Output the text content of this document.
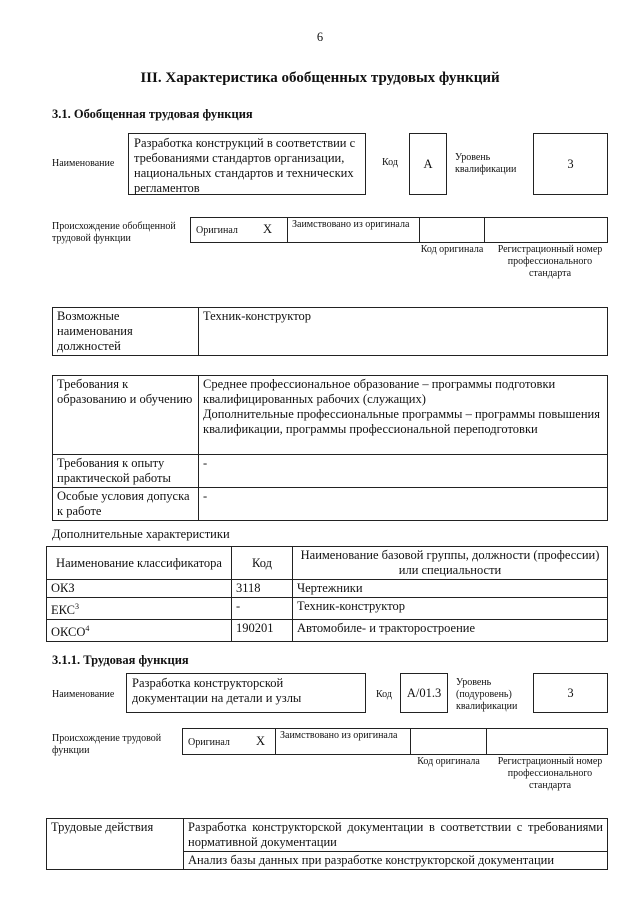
6
III. Характеристика обобщенных трудовых функций
3.1. Обобщенная трудовая функция
Наименование
Разработка конструкций в соответствии с требованиями стандартов организации, национальных стандартов и технических регламентов
Код	А	Уровень квалификации	3
Происхождение обобщенной трудовой функции
Оригинал X Заимствовано из оригинала
Код оригинала	Регистрационный номер профессионального стандарта
Возможные наименования должностей	Техник-конструктор
Требования к образованию и обучению	Среднее профессиональное образование – программы подготовки квалифицированных рабочих (служащих)
Дополнительные профессиональные программы – программы повышения квалификации, программы профессиональной переподготовки
Требования к опыту практической работы	-
Особые условия допуска к работе	-
Дополнительные характеристики
Наименование классификатора	Код	Наименование базовой группы, должности (профессии) или специальности
ОКЗ	3118	Чертежники
ЕКС$^3$	-	Техник-конструктор
ОКСО$^4$	190201	Автомобиле- и тракторостроение
3.1.1. Трудовая функция
Наименование
Разработка конструкторской документации на детали и узлы	Код	A/01.3
Уровень (подуровень) квалификации
3
Происхождение трудовой функции
Оригинал X Заимствовано из оригинала
Код оригинала	Регистрационный номер профессионального стандарта
Трудовые действия	Разработка конструкторской документации в соответствии с требованиями нормативной документации
Анализ базы данных при разработке конструкторской документации
